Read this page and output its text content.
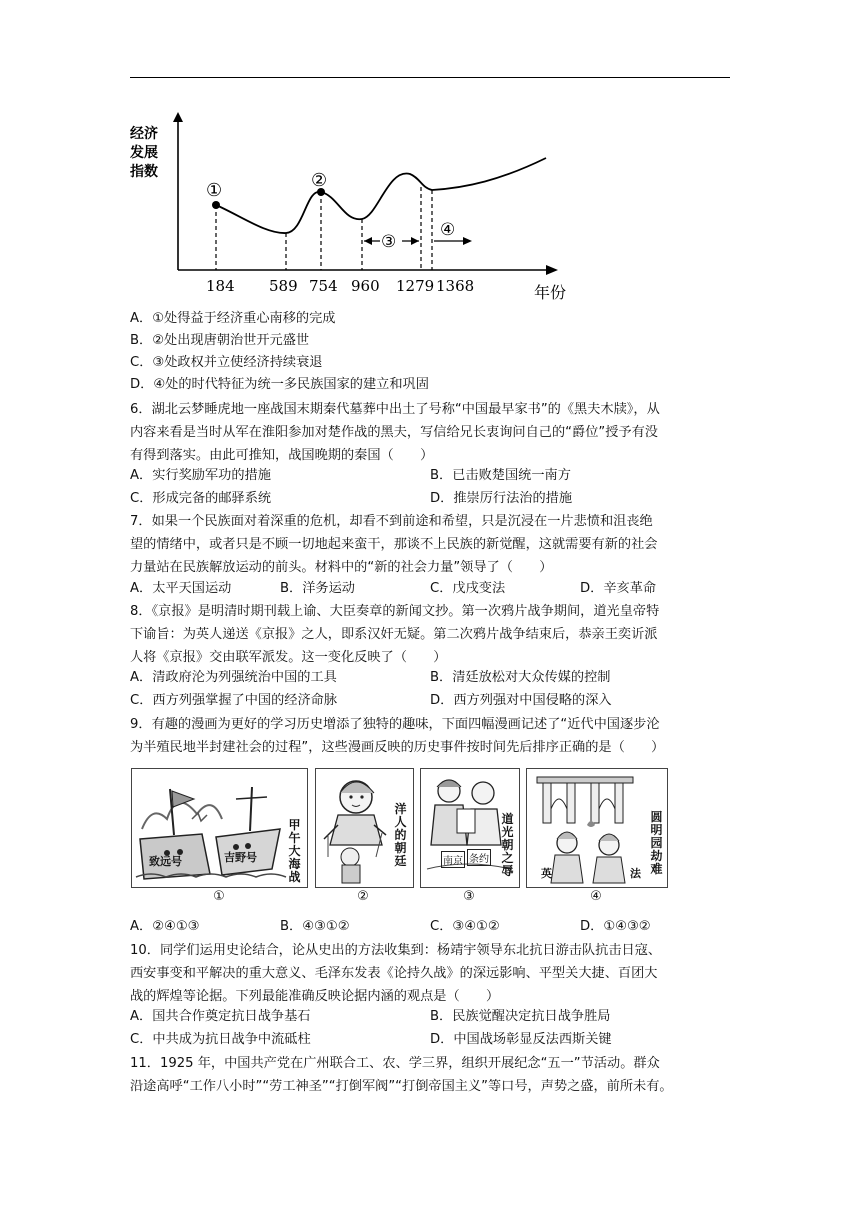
经济
发展
指数
年份
184 589 754 960 1279 1368
①	②
③
④
A．①处得益于经济重心南移的完成
B．②处出现唐朝治世开元盛世
C．③处政权并立使经济持续衰退
D．④处的时代特征为统一多民族国家的建立和巩固
6．湖北云梦睡虎地一座战国末期秦代墓葬中出土了号称“中国最早家书”的《黑夫木牍》，从
内容来看是当时从军在淮阳参加对楚作战的黑夫，写信给兄长衷询问自己的“爵位”授予有没
有得到落实。由此可推知，战国晚期的秦国（　　）
A．实行奖励军功的措施	B．已击败楚国统一南方
C．形成完备的邮驿系统	D．推崇厉行法治的措施
7．如果一个民族面对着深重的危机，却看不到前途和希望，只是沉浸在一片悲愤和沮丧绝
望的情绪中，或者只是不顾一切地起来蛮干，那谈不上民族的新觉醒，这就需要有新的社会
力量站在民族解放运动的前头。材料中的“新的社会力量”领导了（　　）
A．太平天国运动	B．洋务运动	C．戊戌变法	D．辛亥革命
8．《京报》是明清时期刊载上谕、大臣奏章的新闻文抄。第一次鸦片战争期间，道光皇帝特
下谕旨：为英人递送《京报》之人，即系汉奸无疑。第二次鸦片战争结束后，恭亲王奕䜣派
人将《京报》交由联军派发。这一变化反映了（　　）
A．清政府沦为列强统治中国的工具	B．清廷放松对大众传媒的控制
C．西方列强掌握了中国的经济命脉	D．西方列强对中国侵略的深入
9．有趣的漫画为更好的学习历史增添了独特的趣味，下面四幅漫画记述了“近代中国逐步沦
为半殖民地半封建社会的过程”，这些漫画反映的历史事件按时间先后排序正确的是（　　）
致远号	吉野号
甲
午
大
海
战
①
洋
人
的
朝
廷
②
南京 条约
道
光
朝
之
辱
③
英	法
圆
明
园
劫
难
④
A．②④①③	B．④③①②	C．③④①②	D．①④③②
10．同学们运用史论结合，论从史出的方法收集到：杨靖宇领导东北抗日游击队抗击日寇、
西安事变和平解决的重大意义、毛泽东发表《论持久战》的深远影响、平型关大捷、百团大
战的辉煌等论据。下列最能准确反映论据内涵的观点是（　　）
A．国共合作奠定抗日战争基石	B．民族觉醒决定抗日战争胜局
C．中共成为抗日战争中流砥柱	D．中国战场彰显反法西斯关键
11．1925 年，中国共产党在广州联合工、农、学三界，组织开展纪念“五一”节活动。群众
沿途高呼“工作八小时”“劳工神圣”“打倒军阀”“打倒帝国主义”等口号，声势之盛，前所未有。
